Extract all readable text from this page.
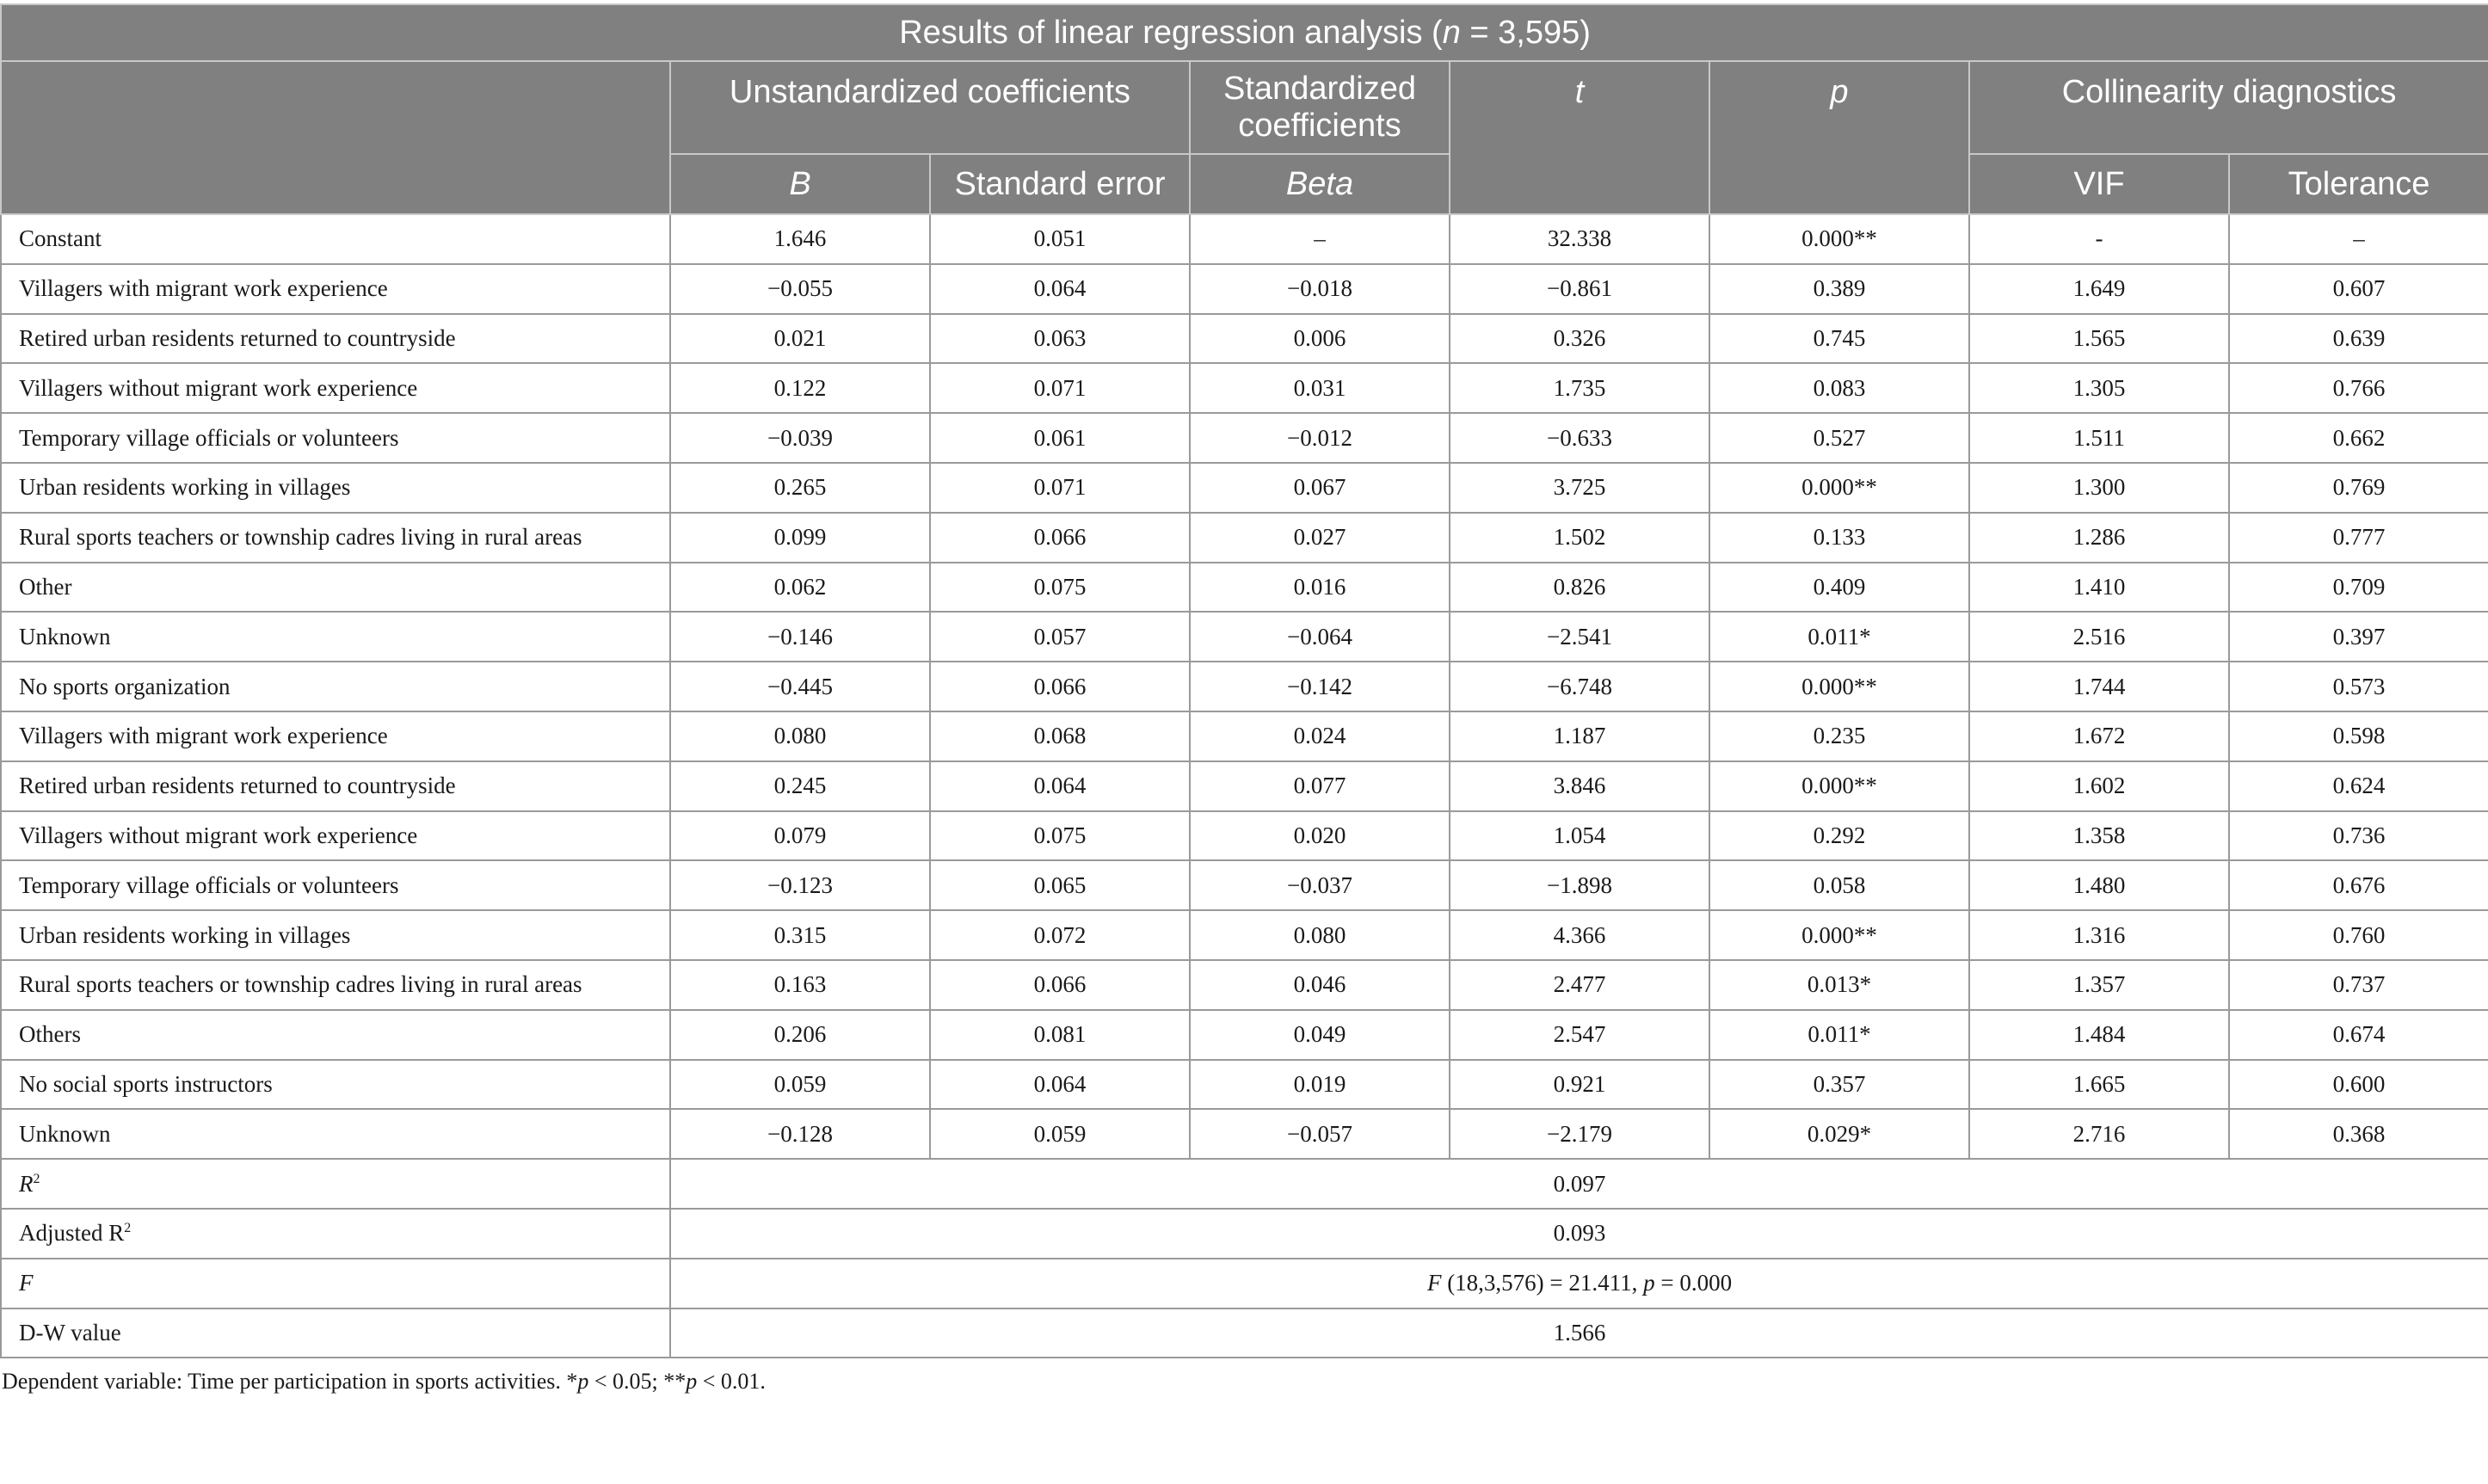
Results of linear regression analysis (n = 3,595)							
	Unstandardized coefficients		Standardized coefficients	t	p	Collinearity diagnostics	
	B	Standard error	Beta			VIF	Tolerance
Constant	1.646	0.051	–	32.338	0.000**	-	–
Villagers with migrant work experience	−0.055	0.064	−0.018	−0.861	0.389	1.649	0.607
Retired urban residents returned to countryside	0.021	0.063	0.006	0.326	0.745	1.565	0.639
Villagers without migrant work experience	0.122	0.071	0.031	1.735	0.083	1.305	0.766
Temporary village officials or volunteers	−0.039	0.061	−0.012	−0.633	0.527	1.511	0.662
Urban residents working in villages	0.265	0.071	0.067	3.725	0.000**	1.300	0.769
Rural sports teachers or township cadres living in rural areas	0.099	0.066	0.027	1.502	0.133	1.286	0.777
Other	0.062	0.075	0.016	0.826	0.409	1.410	0.709
Unknown	−0.146	0.057	−0.064	−2.541	0.011*	2.516	0.397
No sports organization	−0.445	0.066	−0.142	−6.748	0.000**	1.744	0.573
Villagers with migrant work experience	0.080	0.068	0.024	1.187	0.235	1.672	0.598
Retired urban residents returned to countryside	0.245	0.064	0.077	3.846	0.000**	1.602	0.624
Villagers without migrant work experience	0.079	0.075	0.020	1.054	0.292	1.358	0.736
Temporary village officials or volunteers	−0.123	0.065	−0.037	−1.898	0.058	1.480	0.676
Urban residents working in villages	0.315	0.072	0.080	4.366	0.000**	1.316	0.760
Rural sports teachers or township cadres living in rural areas	0.163	0.066	0.046	2.477	0.013*	1.357	0.737
Others	0.206	0.081	0.049	2.547	0.011*	1.484	0.674
No social sports instructors	0.059	0.064	0.019	0.921	0.357	1.665	0.600
Unknown	−0.128	0.059	−0.057	−2.179	0.029*	2.716	0.368
$R^2$	0.097						
Adjusted $R^2$	0.093						
F	F (18,3,576) = 21.411, p = 0.000						
D-W value	1.566						
Dependent variable: Time per participation in sports activities. *p < 0.05; **p < 0.01.
